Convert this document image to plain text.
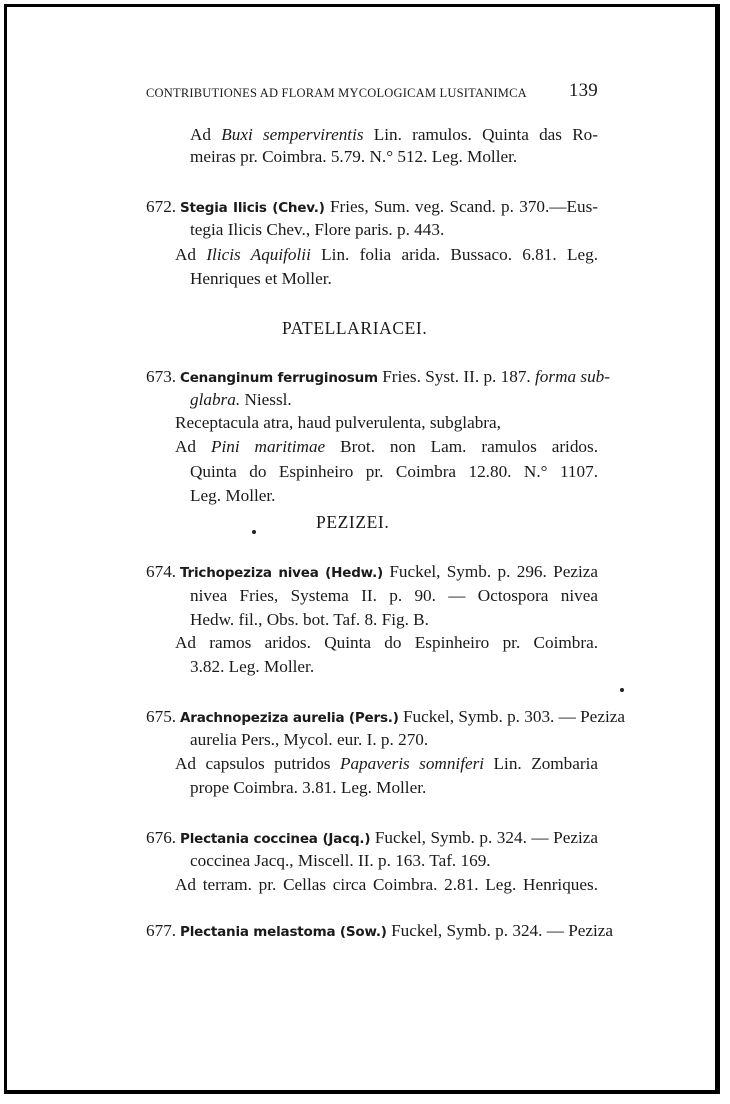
CONTRIBUTIONES AD FLORAM MYCOLOGICAM LUSITANIMCA 139
Ad Buxi sempervirentis Lin. ramulos. Quinta das Ro-
meiras pr. Coimbra. 5.79. N.° 512. Leg. Moller.
672. Stegia Ilicis (Chev.) Fries, Sum. veg. Scand. p. 370.—Eus-
tegia Ilicis Chev., Flore paris. p. 443.
Ad Ilicis Aquifolii Lin. folia arida. Bussaco. 6.81. Leg.
Henriques et Moller.
PATELLARIACEI.
673. Cenanginum ferruginosum Fries. Syst. II. p. 187. forma sub-
glabra. Niessl.
Receptacula atra, haud pulverulenta, subglabra,
Ad Pini maritimae Brot. non Lam. ramulos aridos.
Quinta do Espinheiro pr. Coimbra 12.80. N.° 1107.
Leg. Moller.
PEZIZEI.
674. Trichopeziza nivea (Hedw.) Fuckel, Symb. p. 296. Peziza
nivea Fries, Systema II. p. 90. — Octospora nivea
Hedw. fil., Obs. bot. Taf. 8. Fig. B.
Ad ramos aridos. Quinta do Espinheiro pr. Coimbra.
3.82. Leg. Moller.
675. Arachnopeziza aurelia (Pers.) Fuckel, Symb. p. 303. — Peziza
aurelia Pers., Mycol. eur. I. p. 270.
Ad capsulos putridos Papaveris somniferi Lin. Zombaria
prope Coimbra. 3.81. Leg. Moller.
676. Plectania coccinea (Jacq.) Fuckel, Symb. p. 324. — Peziza
coccinea Jacq., Miscell. II. p. 163. Taf. 169.
Ad terram. pr. Cellas circa Coimbra. 2.81. Leg. Henriques.
677. Plectania melastoma (Sow.) Fuckel, Symb. p. 324. — Peziza
